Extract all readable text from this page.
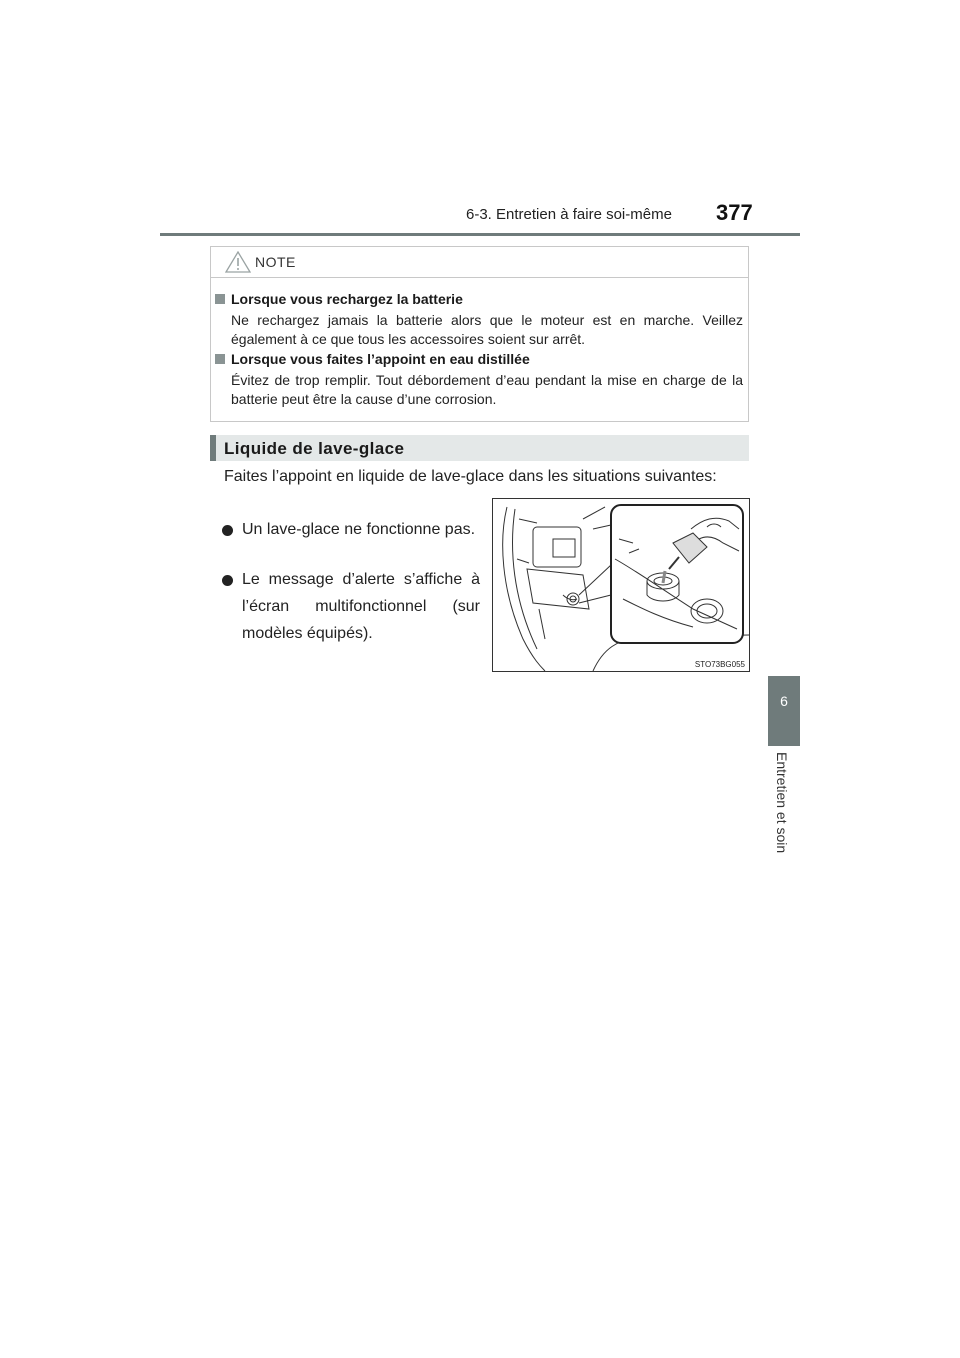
6-3. Entretien à faire soi-même 377
6
Entretien et soin
NOTE
Lorsque vous rechargez la batterie
Ne rechargez jamais la batterie alors que le moteur est en marche. Veillez également à ce que tous les accessoires soient sur arrêt.
Lorsque vous faites l’appoint en eau distillée
Évitez de trop remplir. Tout débordement d’eau pendant la mise en charge de la batterie peut être la cause d’une corrosion.
Liquide de lave-glace
Faites l’appoint en liquide de lave-glace dans les situations suivantes:
Un lave-glace ne fonctionne pas.
Le message d’alerte s’affiche à l’écran multifonctionnel (sur modèles équipés).
STO73BG055
